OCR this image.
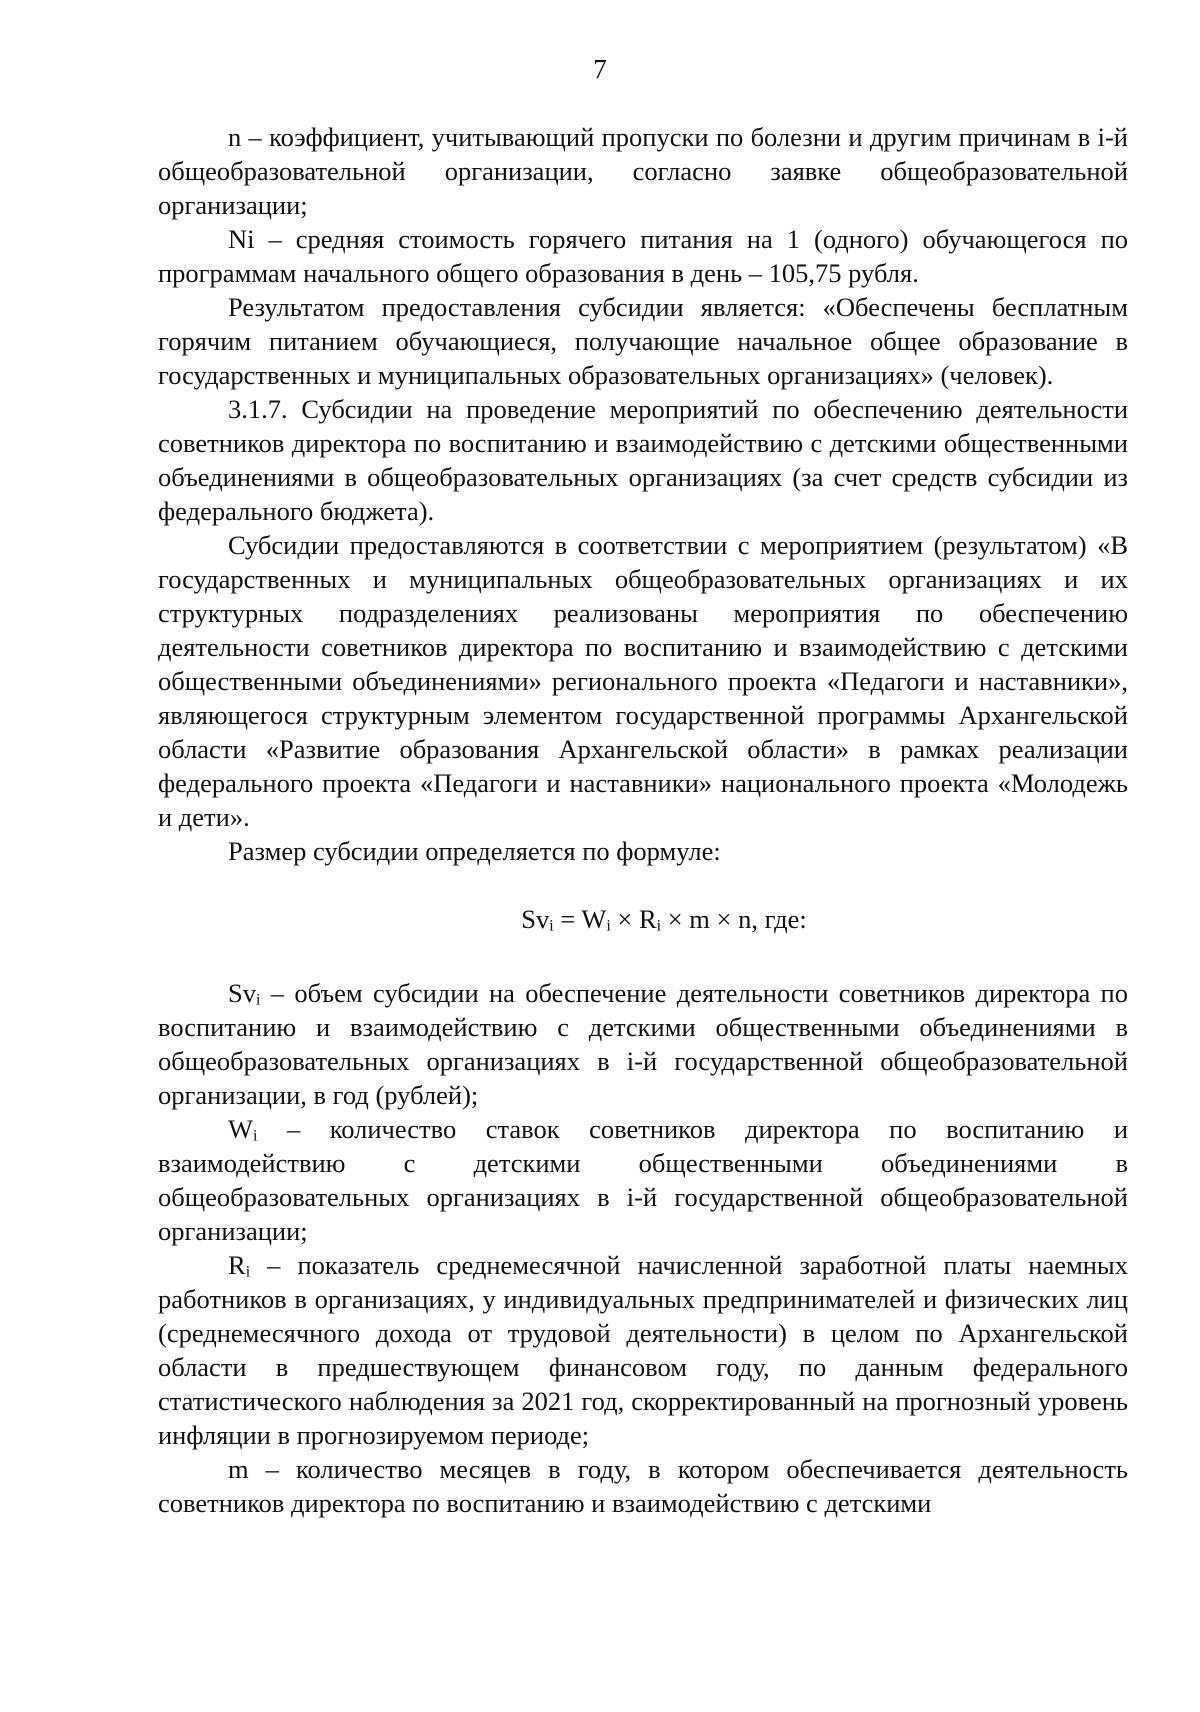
7

n – коэффициент, учитывающий пропуски по болезни и другим причинам в i-й общеобразовательной организации, согласно заявке общеобразовательной организации;

Ni – средняя стоимость горячего питания на 1 (одного) обучающегося по программам начального общего образования в день – 105,75 рубля.

Результатом предоставления субсидии является: «Обеспечены бесплатным горячим питанием обучающиеся, получающие начальное общее образование в государственных и муниципальных образовательных организациях» (человек).

3.1.7. Субсидии на проведение мероприятий по обеспечению деятельности советников директора по воспитанию и взаимодействию с детскими общественными объединениями в общеобразовательных организациях (за счет средств субсидии из федерального бюджета).

Субсидии предоставляются в соответствии с мероприятием (результатом) «В государственных и муниципальных общеобразовательных организациях и их структурных подразделениях реализованы мероприятия по обеспечению деятельности советников директора по воспитанию и взаимодействию с детскими общественными объединениями» регионального проекта «Педагоги и наставники», являющегося структурным элементом государственной программы Архангельской области «Развитие образования Архангельской области» в рамках реализации федерального проекта «Педагоги и наставники» национального проекта «Молодежь и дети».

Размер субсидии определяется по формуле:

$Sv_i = W_i \times R_i \times m \times n$, где:

$Sv_i$ – объем субсидии на обеспечение деятельности советников директора по воспитанию и взаимодействию с детскими общественными объединениями в общеобразовательных организациях в i-й государственной общеобразовательной организации, в год (рублей);

$W_i$ – количество ставок советников директора по воспитанию и взаимодействию с детскими общественными объединениями в общеобразовательных организациях в i-й государственной общеобразовательной организации;

$R_i$ – показатель среднемесячной начисленной заработной платы наемных работников в организациях, у индивидуальных предпринимателей и физических лиц (среднемесячного дохода от трудовой деятельности) в целом по Архангельской области в предшествующем финансовом году, по данным федерального статистического наблюдения за 2021 год, скорректированный на прогнозный уровень инфляции в прогнозируемом периоде;

m – количество месяцев в году, в котором обеспечивается деятельность советников директора по воспитанию и взаимодействию с детскими
